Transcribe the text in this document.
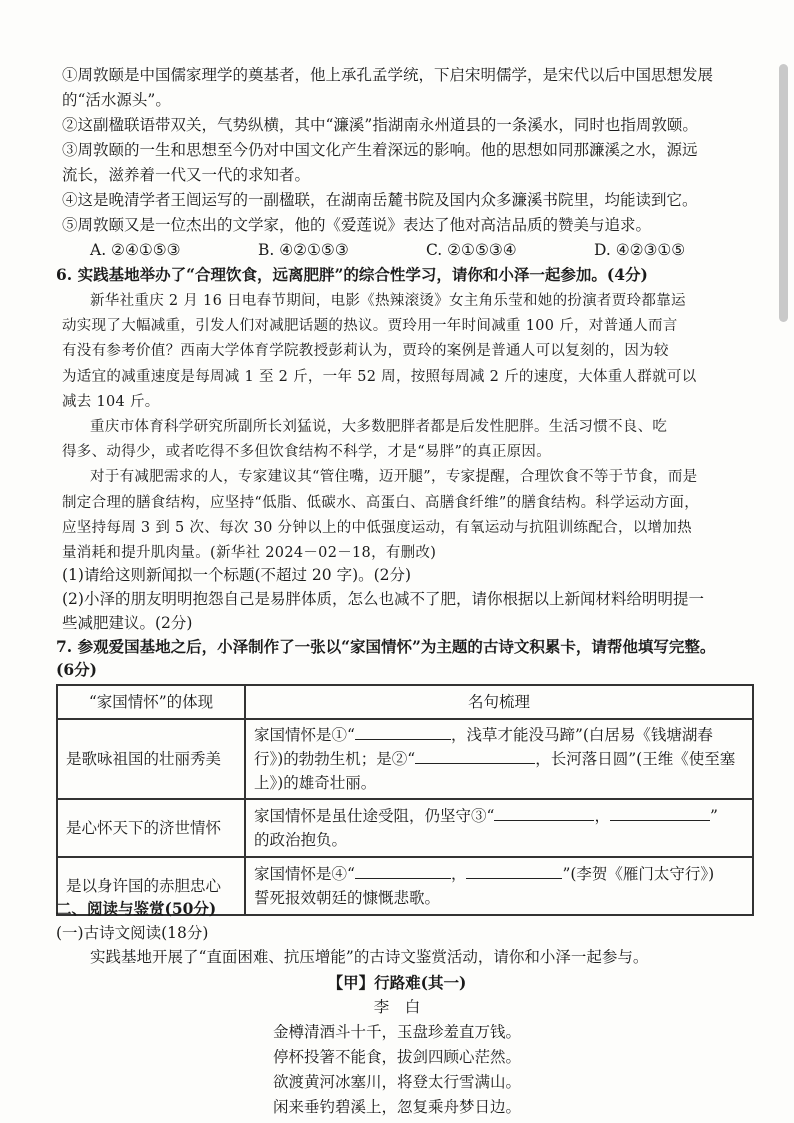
①周敦颐是中国儒家理学的奠基者，他上承孔孟学统，下启宋明儒学，是宋代以后中国思想发展
的“活水源头”。
②这副楹联语带双关，气势纵横，其中“濂溪”指湖南永州道县的一条溪水，同时也指周敦颐。
③周敦颐的一生和思想至今仍对中国文化产生着深远的影响。他的思想如同那濂溪之水，源远
流长，滋养着一代又一代的求知者。
④这是晚清学者王闿运写的一副楹联，在湖南岳麓书院及国内众多濂溪书院里，均能读到它。
⑤周敦颐又是一位杰出的文学家，他的《爱莲说》表达了他对高洁品质的赞美与追求。
A. ②④①⑤③	B. ④②①⑤③	C. ②①⑤③④	D. ④②③①⑤
6. 实践基地举办了“合理饮食，远离肥胖”的综合性学习，请你和小泽一起参加。(4分)
新华社重庆 2 月 16 日电春节期间，电影《热辣滚烫》女主角乐莹和她的扮演者贾玲都靠运
动实现了大幅减重，引发人们对减肥话题的热议。贾玲用一年时间减重 100 斤，对普通人而言
有没有参考价值？西南大学体育学院教授彭莉认为，贾玲的案例是普通人可以复刻的，因为较
为适宜的减重速度是每周减 1 至 2 斤，一年 52 周，按照每周减 2 斤的速度，大体重人群就可以
减去 104 斤。
重庆市体育科学研究所副所长刘猛说，大多数肥胖者都是后发性肥胖。生活习惯不良、吃
得多、动得少，或者吃得不多但饮食结构不科学，才是“易胖”的真正原因。
对于有减肥需求的人，专家建议其“管住嘴，迈开腿”，专家提醒，合理饮食不等于节食，而是
制定合理的膳食结构，应坚持“低脂、低碳水、高蛋白、高膳食纤维”的膳食结构。科学运动方面，
应坚持每周 3 到 5 次、每次 30 分钟以上的中低强度运动，有氧运动与抗阻训练配合，以增加热
量消耗和提升肌肉量。(新华社 2024－02－18，有删改)
(1)请给这则新闻拟一个标题(不超过 20 字)。(2分)
(2)小泽的朋友明明抱怨自己是易胖体质，怎么也减不了肥，请你根据以上新闻材料给明明提一
些减肥建议。(2分)
“家国情怀”的体现	名句梳理
是歌咏祖国的壮丽秀美	家国情怀是①“ ，浅草才能没马蹄”(白居易《钱塘湖春
行》)的勃勃生机；是②“ ，长河落日圆”(王维《使至塞
上》)的雄奇壮丽。

是心怀天下的济世情怀	家国情怀是虽仕途受阻，仍坚守③“ ， ”
的政治抱负。

是以身许国的赤胆忠心	家国情怀是④“ ， ”(李贺《雁门太守行》)
誓死报效朝廷的慷慨悲歌。
二、阅读与鉴赏(50分)
(一)古诗文阅读(18分)
实践基地开展了“直面困难、抗压增能”的古诗文鉴赏活动，请你和小泽一起参与。
【甲】行路难(其一)
李　白
金樽清酒斗十千，玉盘珍羞直万钱。
停杯投箸不能食，拔剑四顾心茫然。
欲渡黄河冰塞川，将登太行雪满山。
闲来垂钓碧溪上，忽复乘舟梦日边。
7. 参观爱国基地之后，小泽制作了一张以“家国情怀”为主题的古诗文积累卡，请帮他填写完整。
(6分)
